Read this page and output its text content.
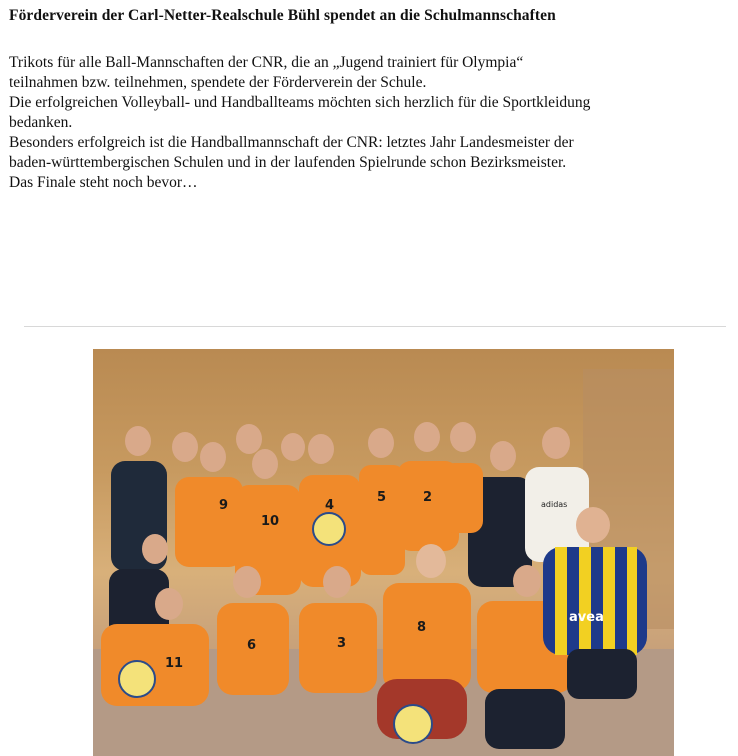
Förderverein der Carl-Netter-Realschule Bühl spendet an die Schulmannschaften

Trikots für alle Ball-Mannschaften der CNR, die an „Jugend trainiert für Olympia“

teilnahmen bzw. teilnehmen, spendete der Förderverein der Schule.

Die erfolgreichen Volleyball- und Handballteams möchten sich herzlich für die Sportkleidung

bedanken.

Besonders erfolgreich ist die Handballmannschaft der CNR: letztes Jahr Landesmeister der

baden-württembergischen Schulen und in der laufenden Spielrunde schon Bezirksmeister.

Das Finale steht noch bevor…

9
10
4
5	2
11
6	3
8
adidas
avea
